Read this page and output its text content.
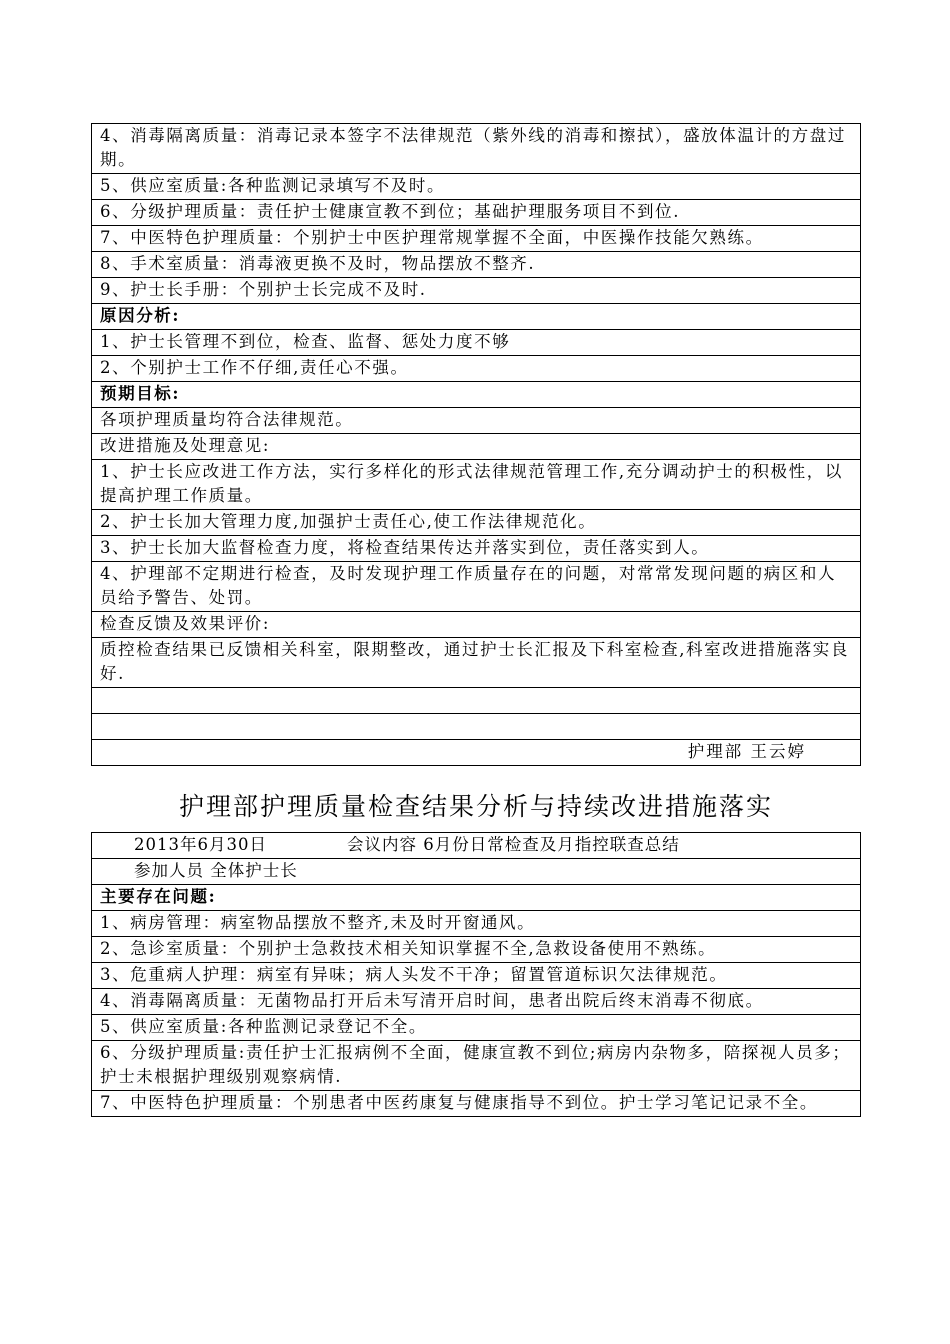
4、消毒隔离质量：消毒记录本签字不法律规范（紫外线的消毒和擦拭），盛放体温计的方盘过期。
5、供应室质量:各种监测记录填写不及时。
6、分级护理质量：责任护士健康宣教不到位；基础护理服务项目不到位.
7、中医特色护理质量：个别护士中医护理常规掌握不全面，中医操作技能欠熟练。
8、手术室质量：消毒液更换不及时，物品摆放不整齐.
9、护士长手册：个别护士长完成不及时.
原因分析:
1、护士长管理不到位，检查、监督、惩处力度不够
2、个别护士工作不仔细,责任心不强。
预期目标:
各项护理质量均符合法律规范。
改进措施及处理意见:
1、护士长应改进工作方法，实行多样化的形式法律规范管理工作,充分调动护士的积极性，以提高护理工作质量。
2、护士长加大管理力度,加强护士责任心,使工作法律规范化。
3、护士长加大监督检查力度，将检查结果传达并落实到位，责任落实到人。
4、护理部不定期进行检查，及时发现护理工作质量存在的问题，对常常发现问题的病区和人员给予警告、处罚。
检查反馈及效果评价:
质控检查结果已反馈相关科室，限期整改，通过护士长汇报及下科室检查,科室改进措施落实良好.
护理部 王云婷
护理部护理质量检查结果分析与持续改进措施落实
2013年6月30日	会议内容 6月份日常检查及月指控联查总结
参加人员 全体护士长
主要存在问题:
1、病房管理：病室物品摆放不整齐,未及时开窗通风。
2、急诊室质量：个别护士急救技术相关知识掌握不全,急救设备使用不熟练。
3、危重病人护理：病室有异味；病人头发不干净；留置管道标识欠法律规范。
4、消毒隔离质量：无菌物品打开后未写清开启时间，患者出院后终末消毒不彻底。
5、供应室质量:各种监测记录登记不全。
6、分级护理质量:责任护士汇报病例不全面，健康宣教不到位;病房内杂物多，陪探视人员多；护士未根据护理级别观察病情.
7、中医特色护理质量：个别患者中医药康复与健康指导不到位。护士学习笔记记录不全。
